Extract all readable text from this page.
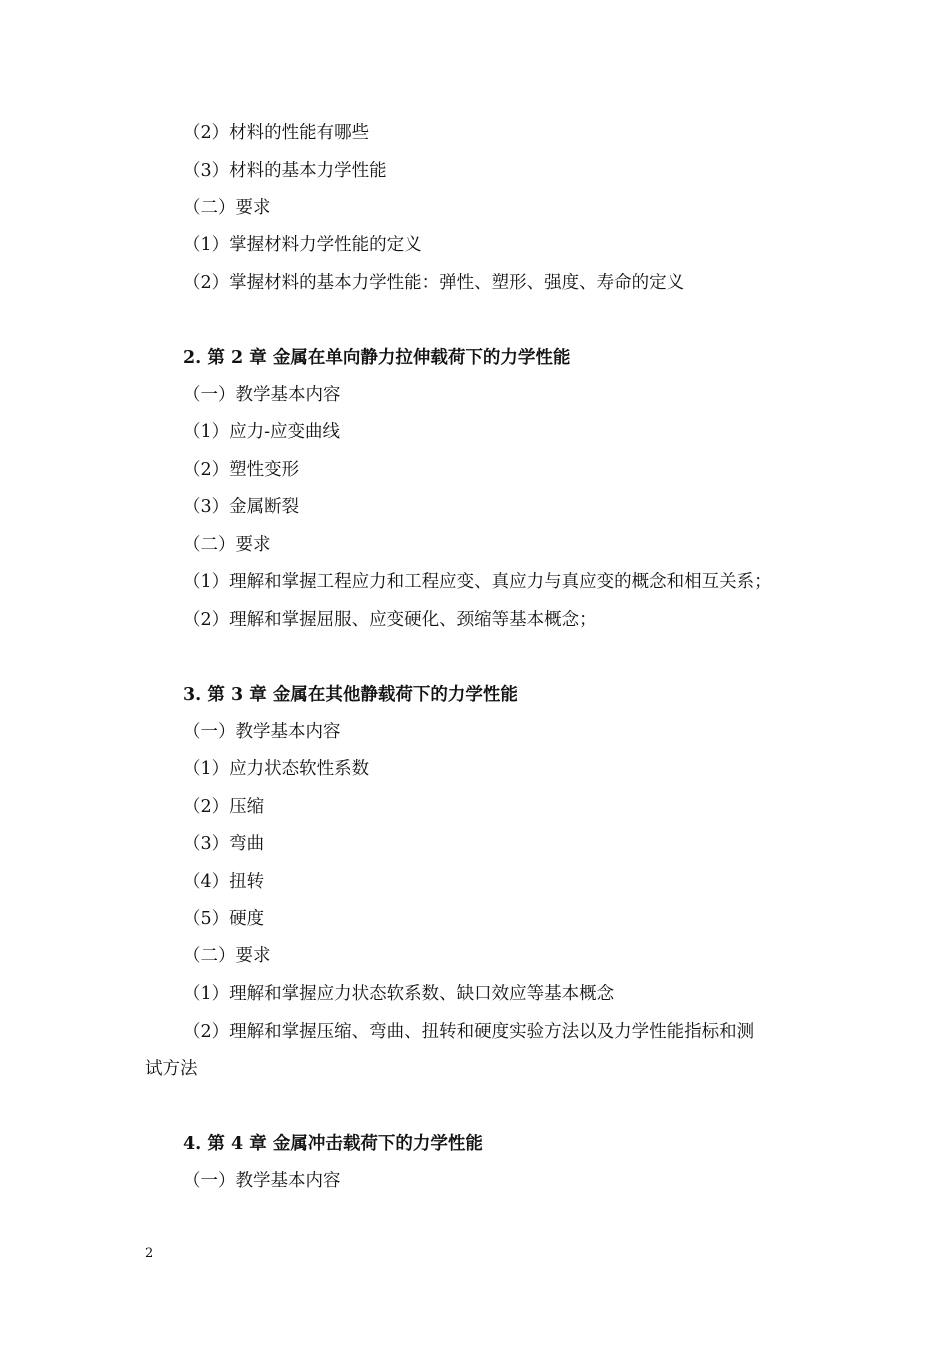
（2）材料的性能有哪些

（3）材料的基本力学性能

（二）要求

（1）掌握材料力学性能的定义

（2）掌握材料的基本力学性能：弹性、塑形、强度、寿命的定义

2. 第 2 章 金属在单向静力拉伸载荷下的力学性能

（一）教学基本内容

（1）应力-应变曲线

（2）塑性变形

（3）金属断裂

（二）要求

（1）理解和掌握工程应力和工程应变、真应力与真应变的概念和相互关系；

（2）理解和掌握屈服、应变硬化、颈缩等基本概念；

3. 第 3 章 金属在其他静载荷下的力学性能

（一）教学基本内容

（1）应力状态软性系数

（2）压缩

（3）弯曲

（4）扭转

（5）硬度

（二）要求

（1）理解和掌握应力状态软系数、缺口效应等基本概念

（2）理解和掌握压缩、弯曲、扭转和硬度实验方法以及力学性能指标和测

试方法

4. 第 4 章 金属冲击载荷下的力学性能

（一）教学基本内容

2
